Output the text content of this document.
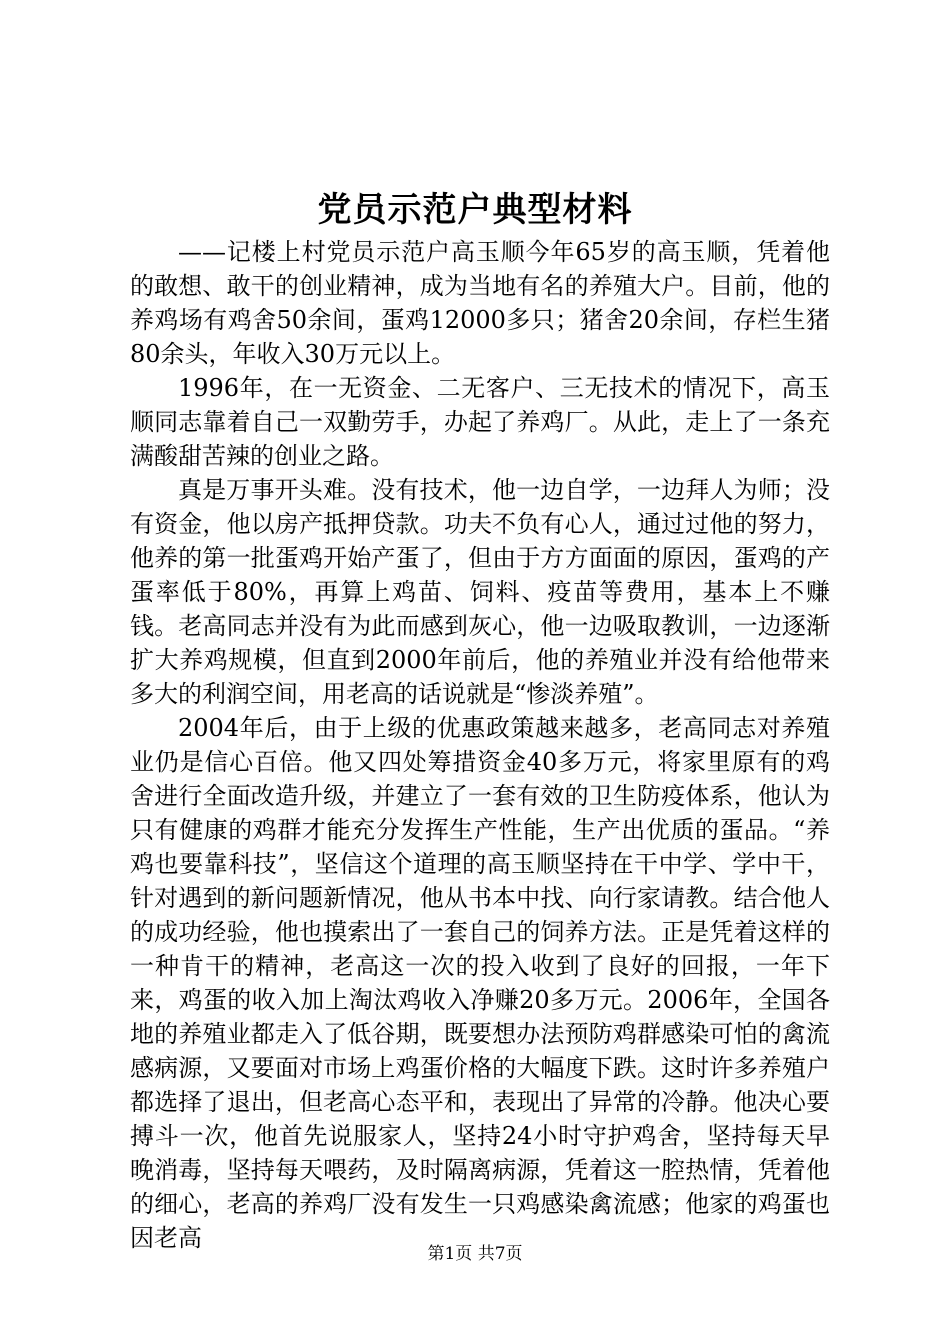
党员示范户典型材料

——记楼上村党员示范户高玉顺今年65岁的高玉顺，凭着他的敢想、敢干的创业精神，成为当地有名的养殖大户。目前，他的养鸡场有鸡舍50余间，蛋鸡12000多只；猪舍20余间，存栏生猪80余头，年收入30万元以上。

1996年，在一无资金、二无客户、三无技术的情况下，高玉顺同志靠着自己一双勤劳手，办起了养鸡厂。从此，走上了一条充满酸甜苦辣的创业之路。

真是万事开头难。没有技术，他一边自学，一边拜人为师；没有资金，他以房产抵押贷款。功夫不负有心人，通过过他的努力，他养的第一批蛋鸡开始产蛋了，但由于方方面面的原因，蛋鸡的产蛋率低于80%，再算上鸡苗、饲料、疫苗等费用，基本上不赚钱。老高同志并没有为此而感到灰心，他一边吸取教训，一边逐渐扩大养鸡规模，但直到2000年前后，他的养殖业并没有给他带来多大的利润空间，用老高的话说就是“惨淡养殖”。

2004年后，由于上级的优惠政策越来越多，老高同志对养殖业仍是信心百倍。他又四处筹措资金40多万元，将家里原有的鸡舍进行全面改造升级，并建立了一套有效的卫生防疫体系，他认为只有健康的鸡群才能充分发挥生产性能，生产出优质的蛋品。“养鸡也要靠科技”，坚信这个道理的高玉顺坚持在干中学、学中干，针对遇到的新问题新情况，他从书本中找、向行家请教。结合他人的成功经验，他也摸索出了一套自己的饲养方法。正是凭着这样的一种肯干的精神，老高这一次的投入收到了良好的回报，一年下来，鸡蛋的收入加上淘汰鸡收入净赚20多万元。2006年，全国各地的养殖业都走入了低谷期，既要想办法预防鸡群感染可怕的禽流感病源，又要面对市场上鸡蛋价格的大幅度下跌。这时许多养殖户都选择了退出，但老高心态平和，表现出了异常的冷静。他决心要搏斗一次，他首先说服家人，坚持24小时守护鸡舍，坚持每天早晚消毒，坚持每天喂药，及时隔离病源，凭着这一腔热情，凭着他的细心，老高的养鸡厂没有发生一只鸡感染禽流感；他家的鸡蛋也因老高

第1页 共7页
